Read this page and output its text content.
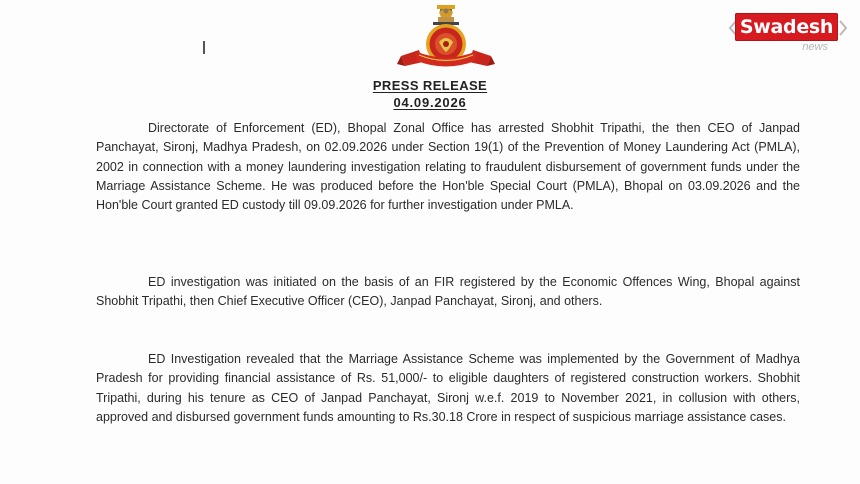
Swadesh
news
PRESS RELEASE
04.09.2026

Directorate of Enforcement (ED), Bhopal Zonal Office has arrested Shobhit Tripathi, the then CEO of Janpad Panchayat, Sironj, Madhya Pradesh, on 02.09.2026 under Section 19(1) of the Prevention of Money Laundering Act (PMLA), 2002 in connection with a money laundering investigation relating to fraudulent disbursement of government funds under the Marriage Assistance Scheme. He was produced before the Hon'ble Special Court (PMLA), Bhopal on 03.09.2026 and the Hon'ble Court granted ED custody till 09.09.2026 for further investigation under PMLA.

ED investigation was initiated on the basis of an FIR registered by the Economic Offences Wing, Bhopal against Shobhit Tripathi, then Chief Executive Officer (CEO), Janpad Panchayat, Sironj, and others.

ED Investigation revealed that the Marriage Assistance Scheme was implemented by the Government of Madhya Pradesh for providing financial assistance of Rs. 51,000/- to eligible daughters of registered construction workers. Shobhit Tripathi, during his tenure as CEO of Janpad Panchayat, Sironj w.e.f. 2019 to November 2021, in collusion with others, approved and disbursed government funds amounting to Rs.30.18 Crore in respect of suspicious marriage assistance cases.
